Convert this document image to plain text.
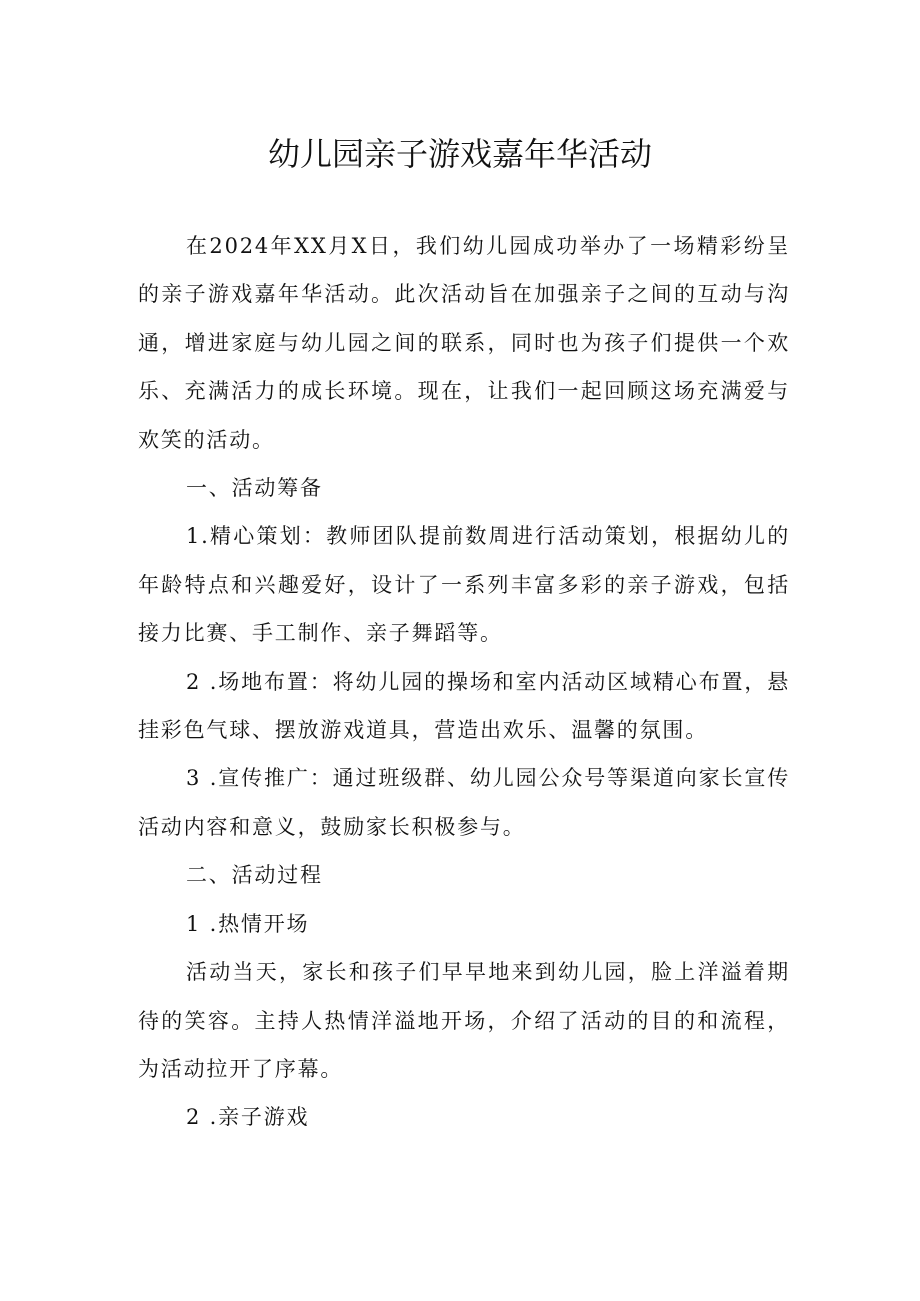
幼儿园亲子游戏嘉年华活动

在2024年XX月X日，我们幼儿园成功举办了一场精彩纷呈的亲子游戏嘉年华活动。此次活动旨在加强亲子之间的互动与沟通，增进家庭与幼儿园之间的联系，同时也为孩子们提供一个欢乐、充满活力的成长环境。现在，让我们一起回顾这场充满爱与欢笑的活动。

一、活动筹备

1.精心策划：教师团队提前数周进行活动策划，根据幼儿的年龄特点和兴趣爱好，设计了一系列丰富多彩的亲子游戏，包括接力比赛、手工制作、亲子舞蹈等。

2 .场地布置：将幼儿园的操场和室内活动区域精心布置，悬挂彩色气球、摆放游戏道具，营造出欢乐、温馨的氛围。

3 .宣传推广：通过班级群、幼儿园公众号等渠道向家长宣传活动内容和意义，鼓励家长积极参与。

二、活动过程

1 .热情开场

活动当天，家长和孩子们早早地来到幼儿园，脸上洋溢着期待的笑容。主持人热情洋溢地开场，介绍了活动的目的和流程，为活动拉开了序幕。

2 .亲子游戏
